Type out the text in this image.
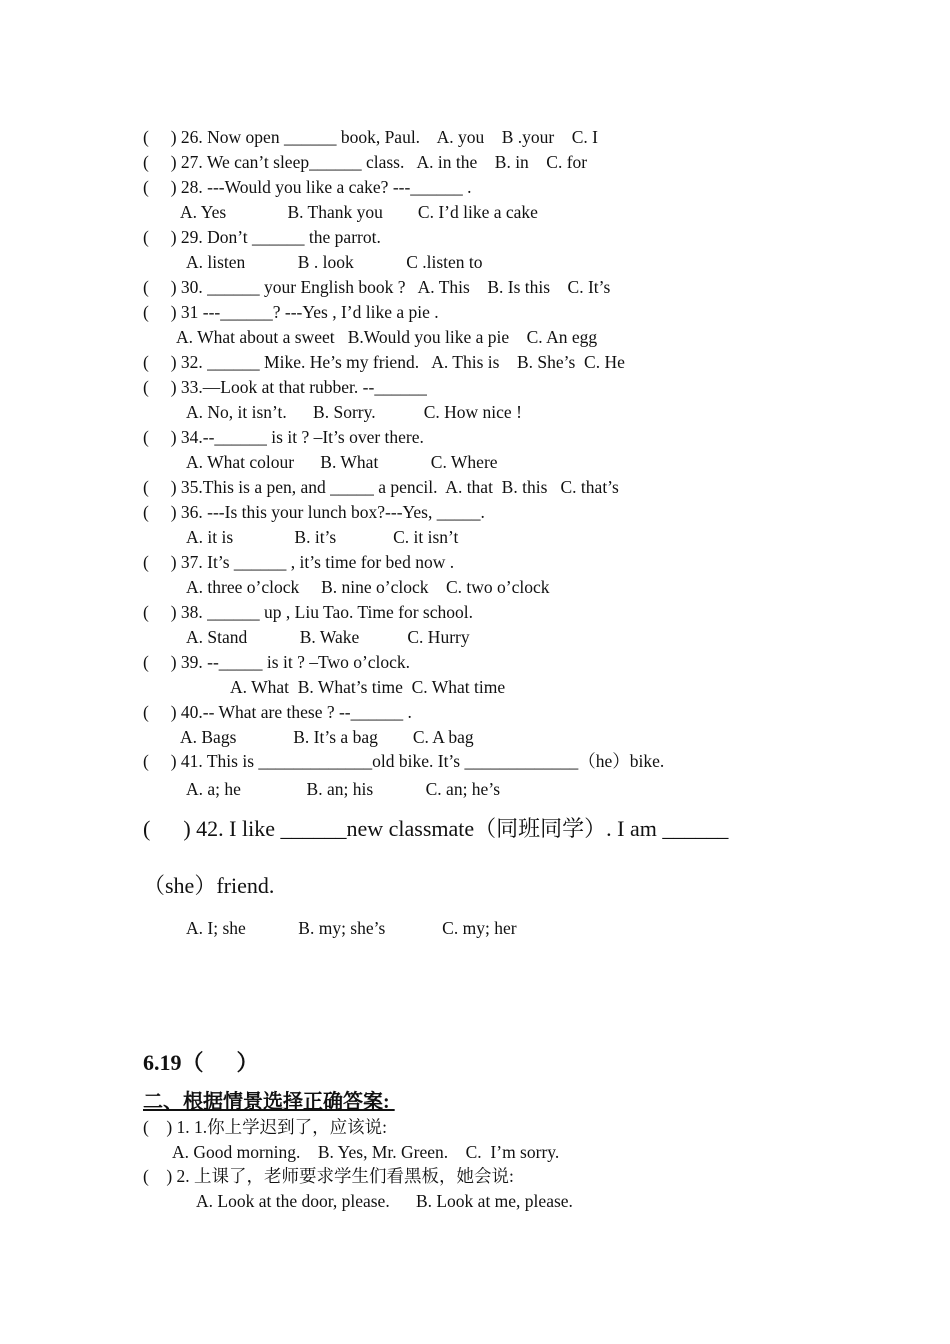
(     ) 26. Now open ______ book, Paul.    A. you    B .your    C. I
(     ) 27. We can’t sleep______ class.   A. in the    B. in    C. for
(     ) 28. ---Would you like a cake? ---______ .
A. Yes              B. Thank you        C. I’d like a cake
(     ) 29. Don’t ______ the parrot.
A. listen            B . look            C .listen to
(     ) 30. ______ your English book ?   A. This    B. Is this    C. It’s
(     ) 31 ---______? ---Yes , I’d like a pie .
A. What about a sweet   B.Would you like a pie    C. An egg
(     ) 32. ______ Mike. He’s my friend.   A. This is    B. She’s  C. He
(     ) 33.—Look at that rubber. --______
A. No, it isn’t.      B. Sorry.           C. How nice !
(     ) 34.--______ is it ? –It’s over there.
A. What colour      B. What            C. Where
(     ) 35.This is a pen, and _____ a pencil.  A. that  B. this   C. that’s
(     ) 36. ---Is this your lunch box?---Yes, _____.
A. it is              B. it’s             C. it isn’t
(     ) 37. It’s ______ , it’s time for bed now .
A. three o’clock     B. nine o’clock    C. two o’clock
(     ) 38. ______ up , Liu Tao. Time for school.
A. Stand            B. Wake           C. Hurry
(     ) 39. --_____ is it ? –Two o’clock.
A. What  B. What’s time  C. What time
(     ) 40.-- What are these ? --______ .
A. Bags             B. It’s a bag        C. A bag
(     ) 41. This is _____________old bike. It’s _____________（he）bike.
A. a; he               B. an; his            C. an; he’s
(      ) 42. I like ______new classmate（同班同学）. I am ______
（she）friend.
A. I; she            B. my; she’s             C. my; her
6.19（      ）
二、根据情景选择正确答案:
(    ) 1. 1.你上学迟到了，应该说:
A. Good morning.    B. Yes, Mr. Green.    C.  I’m sorry.
(    ) 2. 上课了，老师要求学生们看黑板，她会说:
A. Look at the door, please.      B. Look at me, please.
